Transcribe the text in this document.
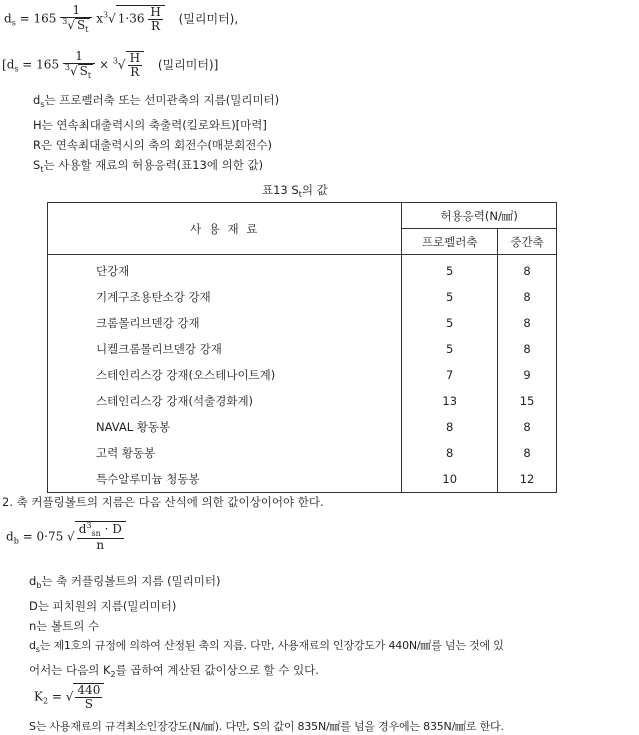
$d_s = 165 \frac{1}{^3√ S_t} x^3√$ $1\cdot 36 \frac{H}{R}$ (밀리미터),
[$d_s = 165 \frac{1}{^3√ S_t} \times ^3√ \frac{H}{R}$ (밀리미터)]
$d_s$는 프로펠러축 또는 선미관축의 지름(밀리미터)
H는 연속최대출력시의 축출력(킬로와트)[마력]
R은 연속최대출력시의 축의 회전수(매분회전수)
$S_t$는 사용할 재료의 허용응력(표13에 의한 값)
표13 $S_t$의 값
사 용 재 료	허용응력(N/㎟)	
	프로펠러축	중간축
단강재	5	8
기계구조용탄소강 강재	5	8
크롬몰리브덴강 강재	5	8
니켈크롬몰리브덴강 강재	5	8
스테인리스강 강재(오스테나이트계)	7	9
스테인리스강 강재(석출경화계)	13	15
NAVAL 황동봉	8	8
고력 황동봉	8	8
특수알루미늄 청동봉	10	12
2. 축 커플링볼트의 지름은 다음 산식에 의한 값이상이어야 한다.
$d_b = 0\cdot 75$ √ $\frac{d^3_{sn} \cdot D}{n}$
$d_b$는 축 커플링볼트의 지름 (밀리미터)
D는 피치원의 지름(밀리미터)
n는 볼트의 수
$d_s$는 제1호의 규정에 의하여 산정된 축의 지름. 다만, 사용재료의 인장강도가 440N/㎟를 넘는 것에 있
어서는 다음의 $K_2$를 곱하여 계산된 값이상으로 할 수 있다.
$K_2$ = √ $\frac{440}{S}$
S는 사용재료의 규격최소인장강도(N/㎟). 다만, S의 값이 835N/㎟를 넘을 경우에는 835N/㎟로 한다.
